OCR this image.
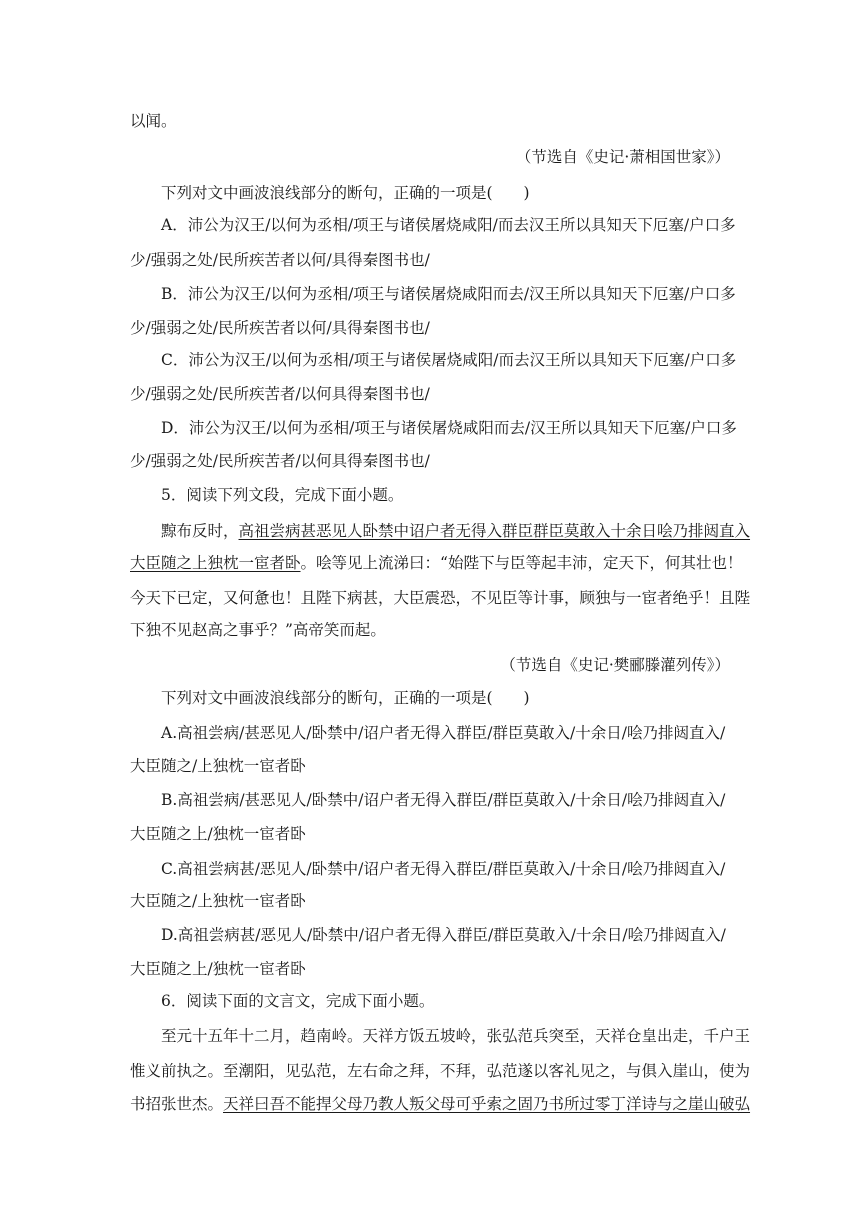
以闻。
（节选自《史记·萧相国世家》）
下列对文中画波浪线部分的断句，正确的一项是(　　)
A．沛公为汉王/以何为丞相/项王与诸侯屠烧咸阳/而去汉王所以具知天下厄塞/户口多
少/强弱之处/民所疾苦者以何/具得秦图书也/
B．沛公为汉王/以何为丞相/项王与诸侯屠烧咸阳而去/汉王所以具知天下厄塞/户口多
少/强弱之处/民所疾苦者以何/具得秦图书也/
C．沛公为汉王/以何为丞相/项王与诸侯屠烧咸阳/而去汉王所以具知天下厄塞/户口多
少/强弱之处/民所疾苦者/以何具得秦图书也/
D．沛公为汉王/以何为丞相/项王与诸侯屠烧咸阳而去/汉王所以具知天下厄塞/户口多
少/强弱之处/民所疾苦者/以何具得秦图书也/
5．阅读下列文段，完成下面小题。
黥布反时，高祖尝病甚恶见人卧禁中诏户者无得入群臣群臣莫敢入十余日哙乃排闼直入
大臣随之上独枕一宦者卧。哙等见上流涕曰：“始陛下与臣等起丰沛，定天下，何其壮也！
今天下已定，又何惫也！且陛下病甚，大臣震恐，不见臣等计事，顾独与一宦者绝乎！且陛
下独不见赵高之事乎？”高帝笑而起。
（节选自《史记·樊郦滕灌列传》）
下列对文中画波浪线部分的断句，正确的一项是(　　)
A.高祖尝病/甚恶见人/卧禁中/诏户者无得入群臣/群臣莫敢入/十余日/哙乃排闼直入/
大臣随之/上独枕一宦者卧
B.高祖尝病/甚恶见人/卧禁中/诏户者无得入群臣/群臣莫敢入/十余日/哙乃排闼直入/
大臣随之上/独枕一宦者卧
C.高祖尝病甚/恶见人/卧禁中/诏户者无得入群臣/群臣莫敢入/十余日/哙乃排闼直入/
大臣随之/上独枕一宦者卧
D.高祖尝病甚/恶见人/卧禁中/诏户者无得入群臣/群臣莫敢入/十余日/哙乃排闼直入/
大臣随之上/独枕一宦者卧
6．阅读下面的文言文，完成下面小题。
至元十五年十二月，趋南岭。天祥方饭五坡岭，张弘范兵突至，天祥仓皇出走，千户王
惟义前执之。至潮阳，见弘范，左右命之拜，不拜，弘范遂以客礼见之，与俱入崖山，使为
书招张世杰。天祥曰吾不能捍父母乃教人叛父母可乎索之固乃书所过零丁洋诗与之崖山破弘
